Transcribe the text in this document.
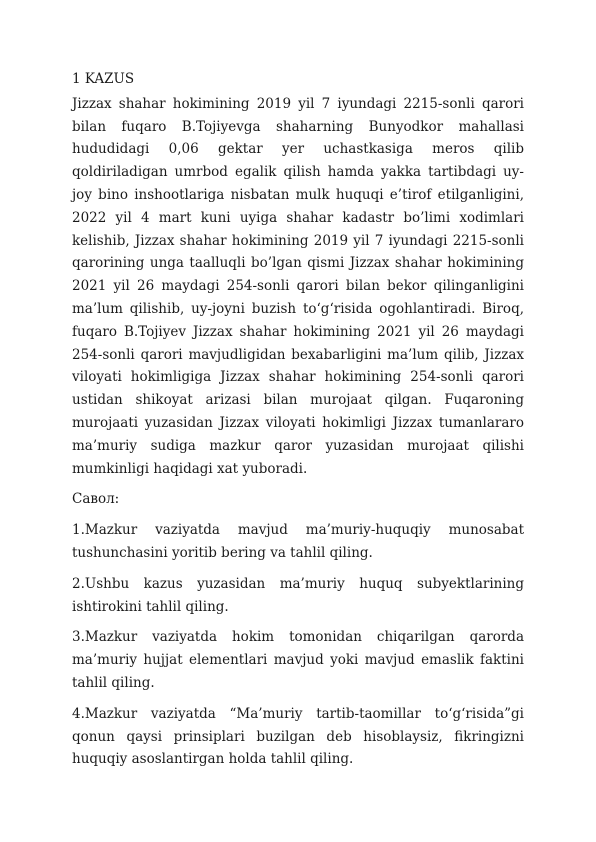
1 KAZUS

Jizzax shahar hokimining 2019 yil 7 iyundagi 2215-sonli qarori bilan fuqaro B.Tojiyevga shaharning Bunyodkor mahallasi hududidagi 0,06 gektar yer uchastkasiga meros qilib qoldiriladigan umrbod egalik qilish hamda yakka tartibdagi uy-joy bino inshootlariga nisbatan mulk huquqi e’tirof etilganligini, 2022 yil 4 mart kuni uyiga shahar kadastr bo’limi xodimlari kelishib, Jizzax shahar hokimining 2019 yil 7 iyundagi 2215-sonli qarorining unga taalluqli bo’lgan qismi Jizzax shahar hokimining 2021 yil 26 maydagi 254-sonli qarori bilan bekor qilinganligini ma’lum qilishib, uy-joyni buzish to‘g‘risida ogohlantiradi. Biroq, fuqaro B.Tojiyev Jizzax shahar hokimining 2021 yil 26 maydagi 254-sonli qarori mavjudligidan bexabarligini ma’lum qilib, Jizzax viloyati hokimligiga Jizzax shahar hokimining 254-sonli qarori ustidan shikoyat arizasi bilan murojaat qilgan. Fuqaroning murojaati yuzasidan Jizzax viloyati hokimligi Jizzax tumanlararo ma’muriy sudiga mazkur qaror yuzasidan murojaat qilishi mumkinligi haqidagi xat yuboradi.

Савол:

1.Mazkur vaziyatda mavjud ma’muriy-huquqiy munosabat tushunchasini yoritib bering va tahlil qiling.

2.Ushbu kazus yuzasidan ma’muriy huquq subyektlarining ishtirokini tahlil qiling.

3.Mazkur vaziyatda hokim tomonidan chiqarilgan qarorda ma’muriy hujjat elementlari mavjud yoki mavjud emaslik faktini tahlil qiling.

4.Mazkur vaziyatda “Ma’muriy tartib-taomillar to‘g‘risida”gi qonun qaysi prinsiplari buzilgan deb hisoblaysiz, fikringizni huquqiy asoslantirgan holda tahlil qiling.
